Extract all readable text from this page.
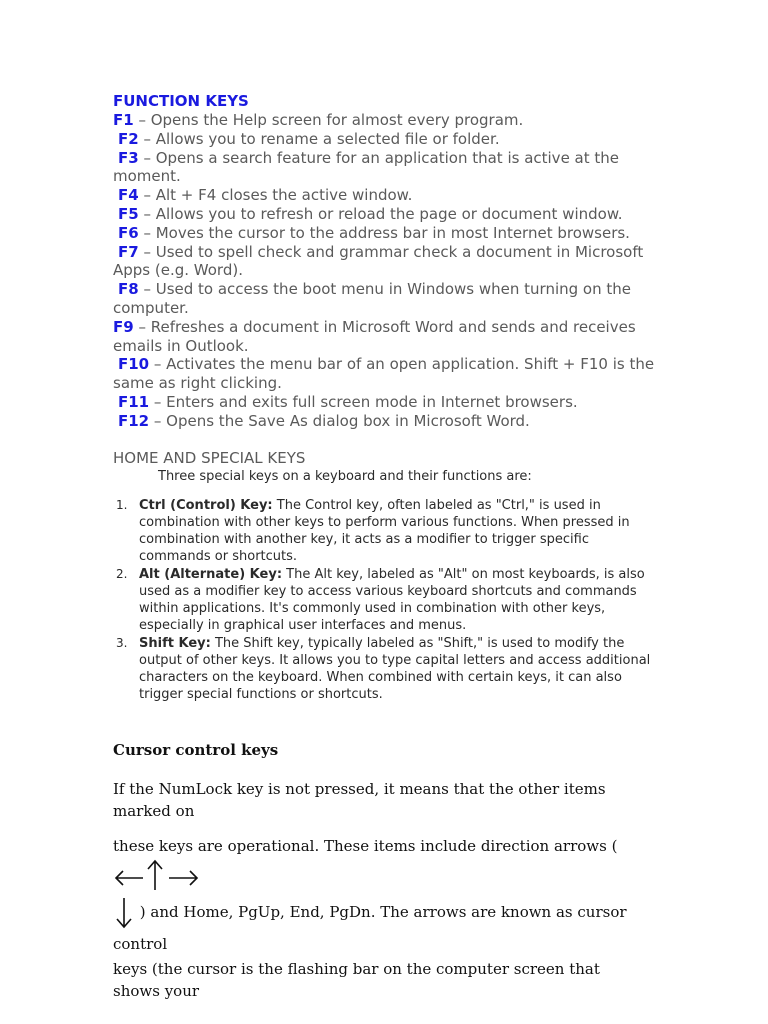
FUNCTION KEYS

F1 – Opens the Help screen for almost every program.

F2 – Allows you to rename a selected file or folder.

F3 – Opens a search feature for an application that is active at the moment.

F4 – Alt + F4 closes the active window.

F5 – Allows you to refresh or reload the page or document window.

F6 – Moves the cursor to the address bar in most Internet browsers.

F7 – Used to spell check and grammar check a document in Microsoft Apps (e.g. Word).

F8 – Used to access the boot menu in Windows when turning on the computer.

F9 – Refreshes a document in Microsoft Word and sends and receives emails in Outlook.

F10 – Activates the menu bar of an open application. Shift + F10 is the same as right clicking.

F11 – Enters and exits full screen mode in Internet browsers.

F12 – Opens the Save As dialog box in Microsoft Word.

HOME AND SPECIAL KEYS

Three special keys on a keyboard and their functions are:

1. Ctrl (Control) Key: The Control key, often labeled as "Ctrl," is used in combination with other keys to perform various functions. When pressed in combination with another key, it acts as a modifier to trigger specific commands or shortcuts.
2. Alt (Alternate) Key: The Alt key, labeled as "Alt" on most keyboards, is also used as a modifier key to access various keyboard shortcuts and commands within applications. It's commonly used in combination with other keys, especially in graphical user interfaces and menus.
3. Shift Key: The Shift key, typically labeled as "Shift," is used to modify the output of other keys. It allows you to type capital letters and access additional characters on the keyboard. When combined with certain keys, it can also trigger special functions or shortcuts.

Cursor control keys

If the NumLock key is not pressed, it means that the other items marked on
these keys are operational. These items include direction arrows (
) and Home, PgUp, End, PgDn. The arrows are known as cursor control
keys (the cursor is the flashing bar on the computer screen that shows your
